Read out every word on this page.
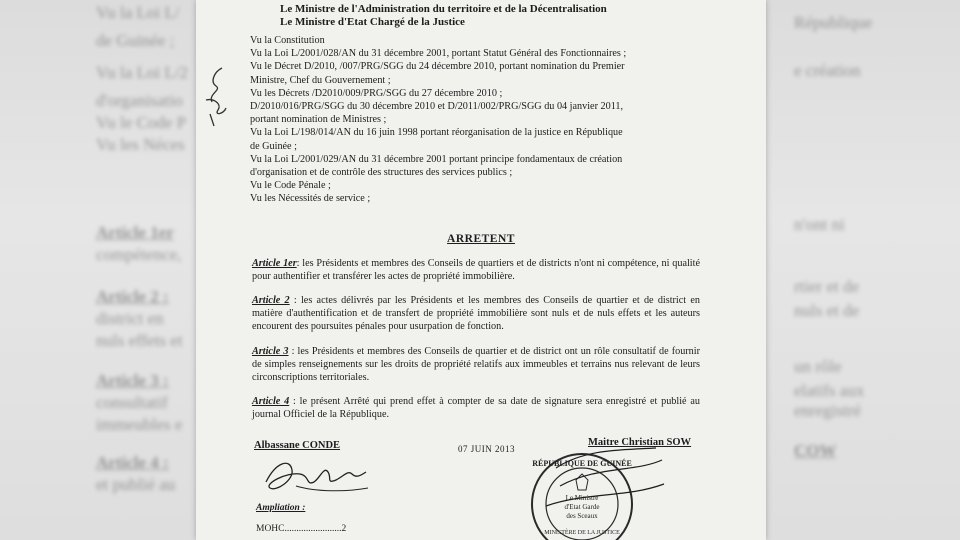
Vu la Loi L/
de Guinée ;
Vu la Loi L/2
d'organisatio
Vu le Code P
Vu les Néces
Article 1er
compétence,
Article 2 :
district en
nuls effets et
Article 3 :
consultatif
immeubles e
Article 4 :
et publié au
République
e création
n'ont ni
rtier et de
nuls et de
un rôle
elatifs aux
enregistré
COW
Le Ministre de l'Administration du territoire et de la Décentralisation
Le Ministre d'Etat Chargé de la Justice
Vu la Constitution
Vu la Loi L/2001/028/AN du 31 décembre 2001, portant Statut Général des Fonctionnaires ;
Vu le Décret D/2010, /007/PRG/SGG du 24 décembre 2010, portant nomination du Premier
Ministre, Chef du Gouvernement ;
Vu les Décrets /D2010/009/PRG/SGG du 27 décembre 2010 ;
D/2010/016/PRG/SGG du 30 décembre 2010 et D/2011/002/PRG/SGG du 04 janvier 2011,
portant nomination de Ministres ;
Vu la Loi L/198/014/AN du 16 juin 1998 portant réorganisation de la justice en République
de Guinée ;
Vu la Loi L/2001/029/AN du 31 décembre 2001 portant principe fondamentaux de création
d'organisation et de contrôle des structures des services publics ;
Vu le Code Pénale ;
Vu les Nécessités de service ;
ARRETENT
Article 1er: les Présidents et membres des Conseils de quartiers et de districts n'ont ni compétence, ni qualité pour authentifier et transférer les actes de propriété immobilière.
Article 2 : les actes délivrés par les Présidents et les membres des Conseils de quartier et de district en matière d'authentification et de transfert de propriété immobilière sont nuls et de nuls effets et les auteurs encourent des poursuites pénales pour usurpation de fonction.
Article 3 : les Présidents et membres des Conseils de quartier et de district ont un rôle consultatif de fournir de simples renseignements sur les droits de propriété relatifs aux immeubles et terrains nus relevant de leurs circonscriptions territoriales.
Article 4 : le présent Arrêté qui prend effet à compter de sa date de signature sera enregistré et publié au journal Officiel de la République.
Albassane CONDE	07 JUIN 2013
Maitre Christian SOW
RÉPUBLIQUE DE GUINÉE
Le Ministre
d'Etat Garde
des Sceaux
MINISTÈRE DE LA JUSTICE
Ampliation :
MOHC........................2
